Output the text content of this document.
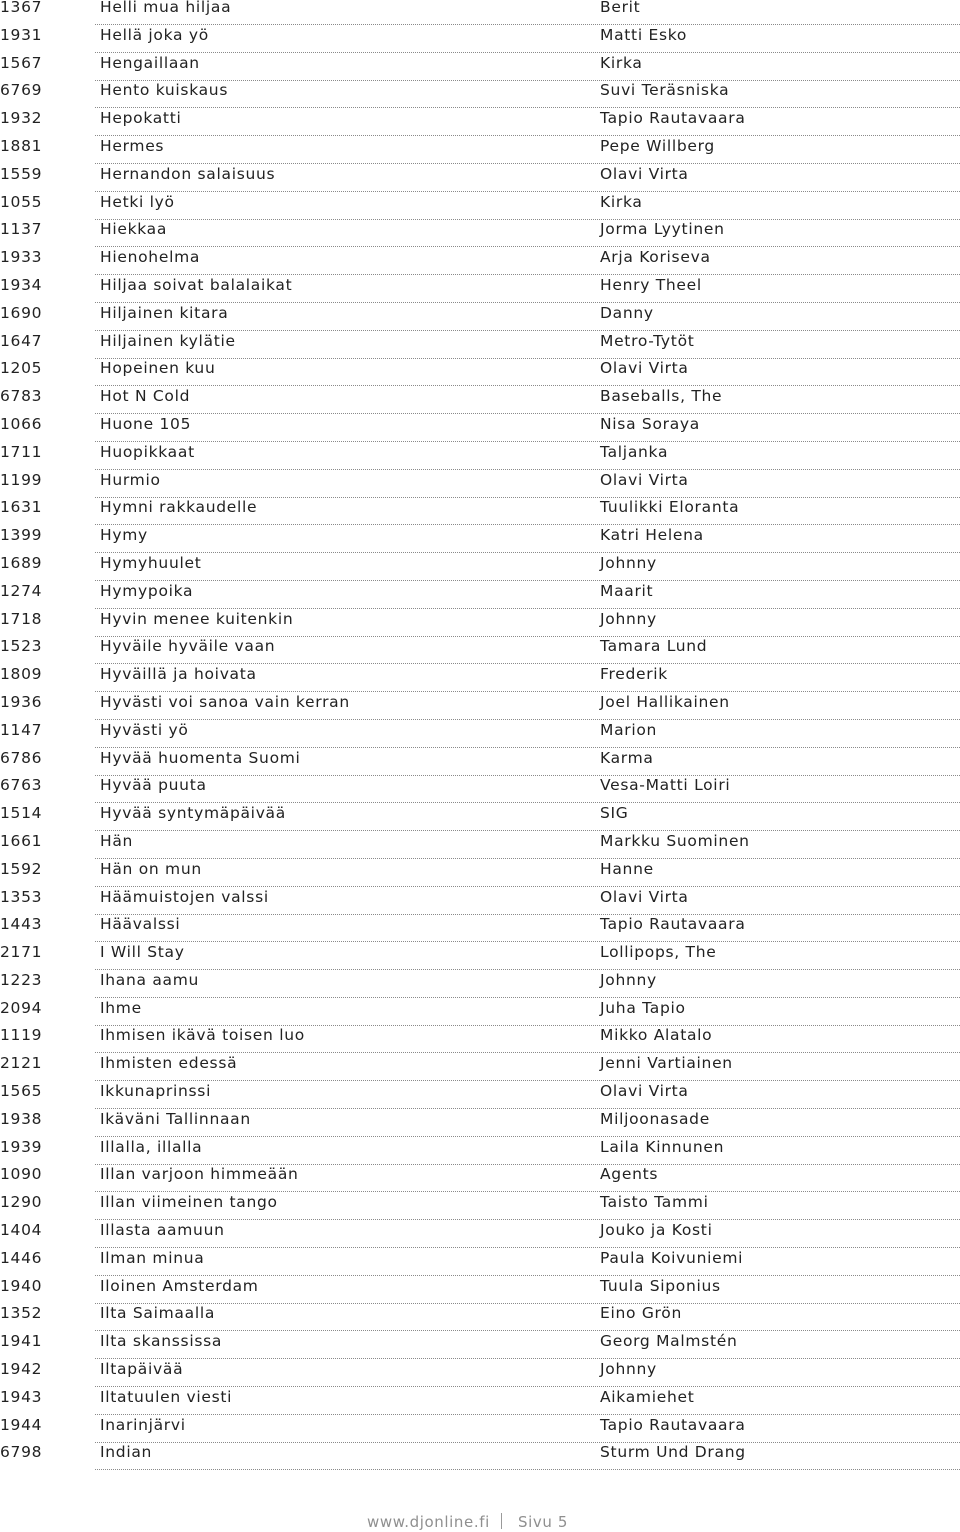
1367	Helli mua hiljaa	Berit
1931	Hellä joka yö	Matti Esko
1567	Hengaillaan	Kirka
6769	Hento kuiskaus	Suvi Teräsniska
1932	Hepokatti	Tapio Rautavaara
1881	Hermes	Pepe Willberg
1559	Hernandon salaisuus	Olavi Virta
1055	Hetki lyö	Kirka
1137	Hiekkaa	Jorma Lyytinen
1933	Hienohelma	Arja Koriseva
1934	Hiljaa soivat balalaikat	Henry Theel
1690	Hiljainen kitara	Danny
1647	Hiljainen kylätie	Metro-Tytöt
1205	Hopeinen kuu	Olavi Virta
6783	Hot N Cold	Baseballs, The
1066	Huone 105	Nisa Soraya
1711	Huopikkaat	Taljanka
1199	Hurmio	Olavi Virta
1631	Hymni rakkaudelle	Tuulikki Eloranta
1399	Hymy	Katri Helena
1689	Hymyhuulet	Johnny
1274	Hymypoika	Maarit
1718	Hyvin menee kuitenkin	Johnny
1523	Hyväile hyväile vaan	Tamara Lund
1809	Hyväillä ja hoivata	Frederik
1936	Hyvästi voi sanoa vain kerran	Joel Hallikainen
1147	Hyvästi yö	Marion
6786	Hyvää huomenta Suomi	Karma
6763	Hyvää puuta	Vesa-Matti Loiri
1514	Hyvää syntymäpäivää	SIG
1661	Hän	Markku Suominen
1592	Hän on mun	Hanne
1353	Häämuistojen valssi	Olavi Virta
1443	Häävalssi	Tapio Rautavaara
2171	I Will Stay	Lollipops, The
1223	Ihana aamu	Johnny
2094	Ihme	Juha Tapio
1119	Ihmisen ikävä toisen luo	Mikko Alatalo
2121	Ihmisten edessä	Jenni Vartiainen
1565	Ikkunaprinssi	Olavi Virta
1938	Ikäväni Tallinnaan	Miljoonasade
1939	Illalla, illalla	Laila Kinnunen
1090	Illan varjoon himmeään	Agents
1290	Illan viimeinen tango	Taisto Tammi
1404	Illasta aamuun	Jouko ja Kosti
1446	Ilman minua	Paula Koivuniemi
1940	Iloinen Amsterdam	Tuula Siponius
1352	Ilta Saimaalla	Eino Grön
1941	Ilta skanssissa	Georg Malmstén
1942	Iltapäivää	Johnny
1943	Iltatuulen viesti	Aikamiehet
1944	Inarinjärvi	Tapio Rautavaara
6798	Indian	Sturm Und Drang
www.djonline.fi Sivu 5
